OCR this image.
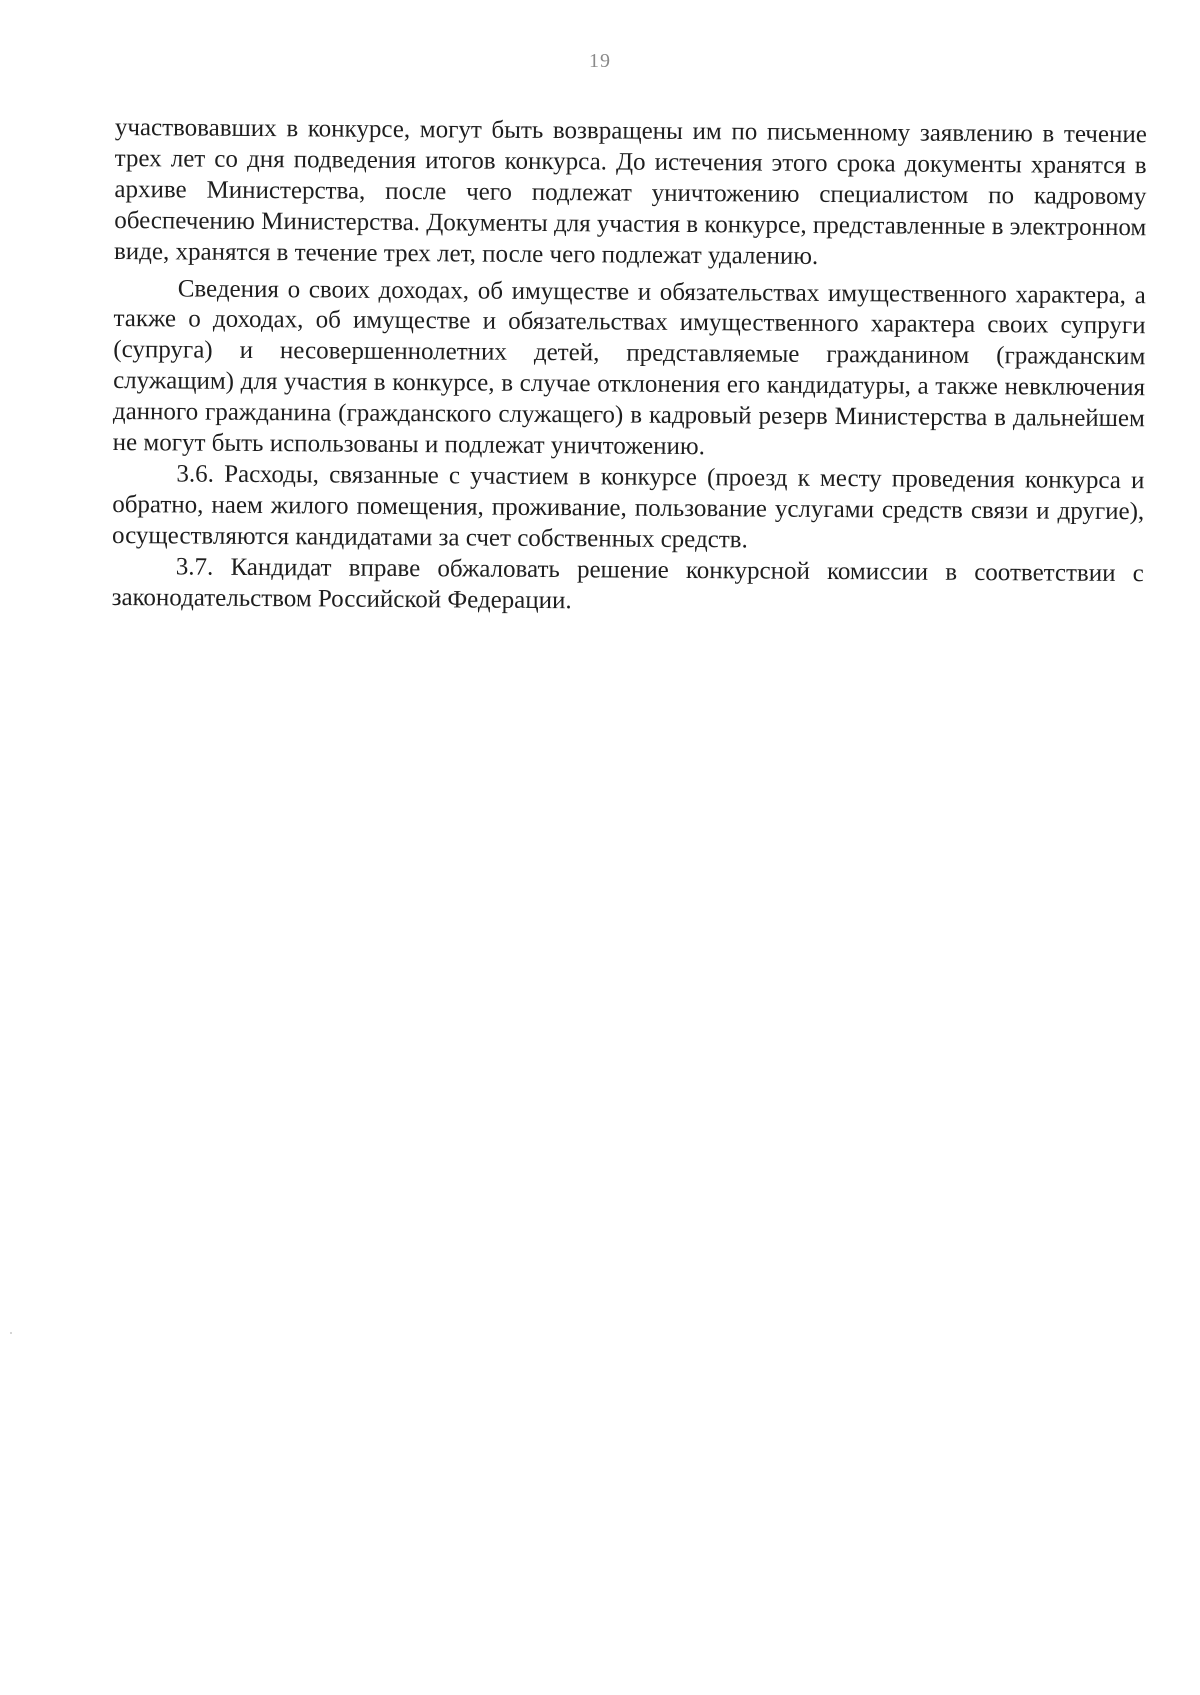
19

участвовавших в конкурсе, могут быть возвращены им по письменному заявлению в течение трех лет со дня подведения итогов конкурса. До истечения этого срока документы хранятся в архиве Министерства, после чего подлежат уничтожению специалистом по кадровому обеспечению Министерства. Документы для участия в конкурсе, представленные в электронном виде, хранятся в течение трех лет, после чего подлежат удалению.

Сведения о своих доходах, об имуществе и обязательствах имущественного характера, а также о доходах, об имуществе и обязательствах имущественного характера своих супруги (супруга) и несовершеннолетних детей, представляемые гражданином (гражданским служащим) для участия в конкурсе, в случае отклонения его кандидатуры, а также невключения данного гражданина (гражданского служащего) в кадровый резерв Министерства в дальнейшем не могут быть использованы и подлежат уничтожению.

3.6. Расходы, связанные с участием в конкурсе (проезд к месту проведения конкурса и обратно, наем жилого помещения, проживание, пользование услугами средств связи и другие), осуществляются кандидатами за счет собственных средств.

3.7. Кандидат вправе обжаловать решение конкурсной комиссии в соответствии с законодательством Российской Федерации.
